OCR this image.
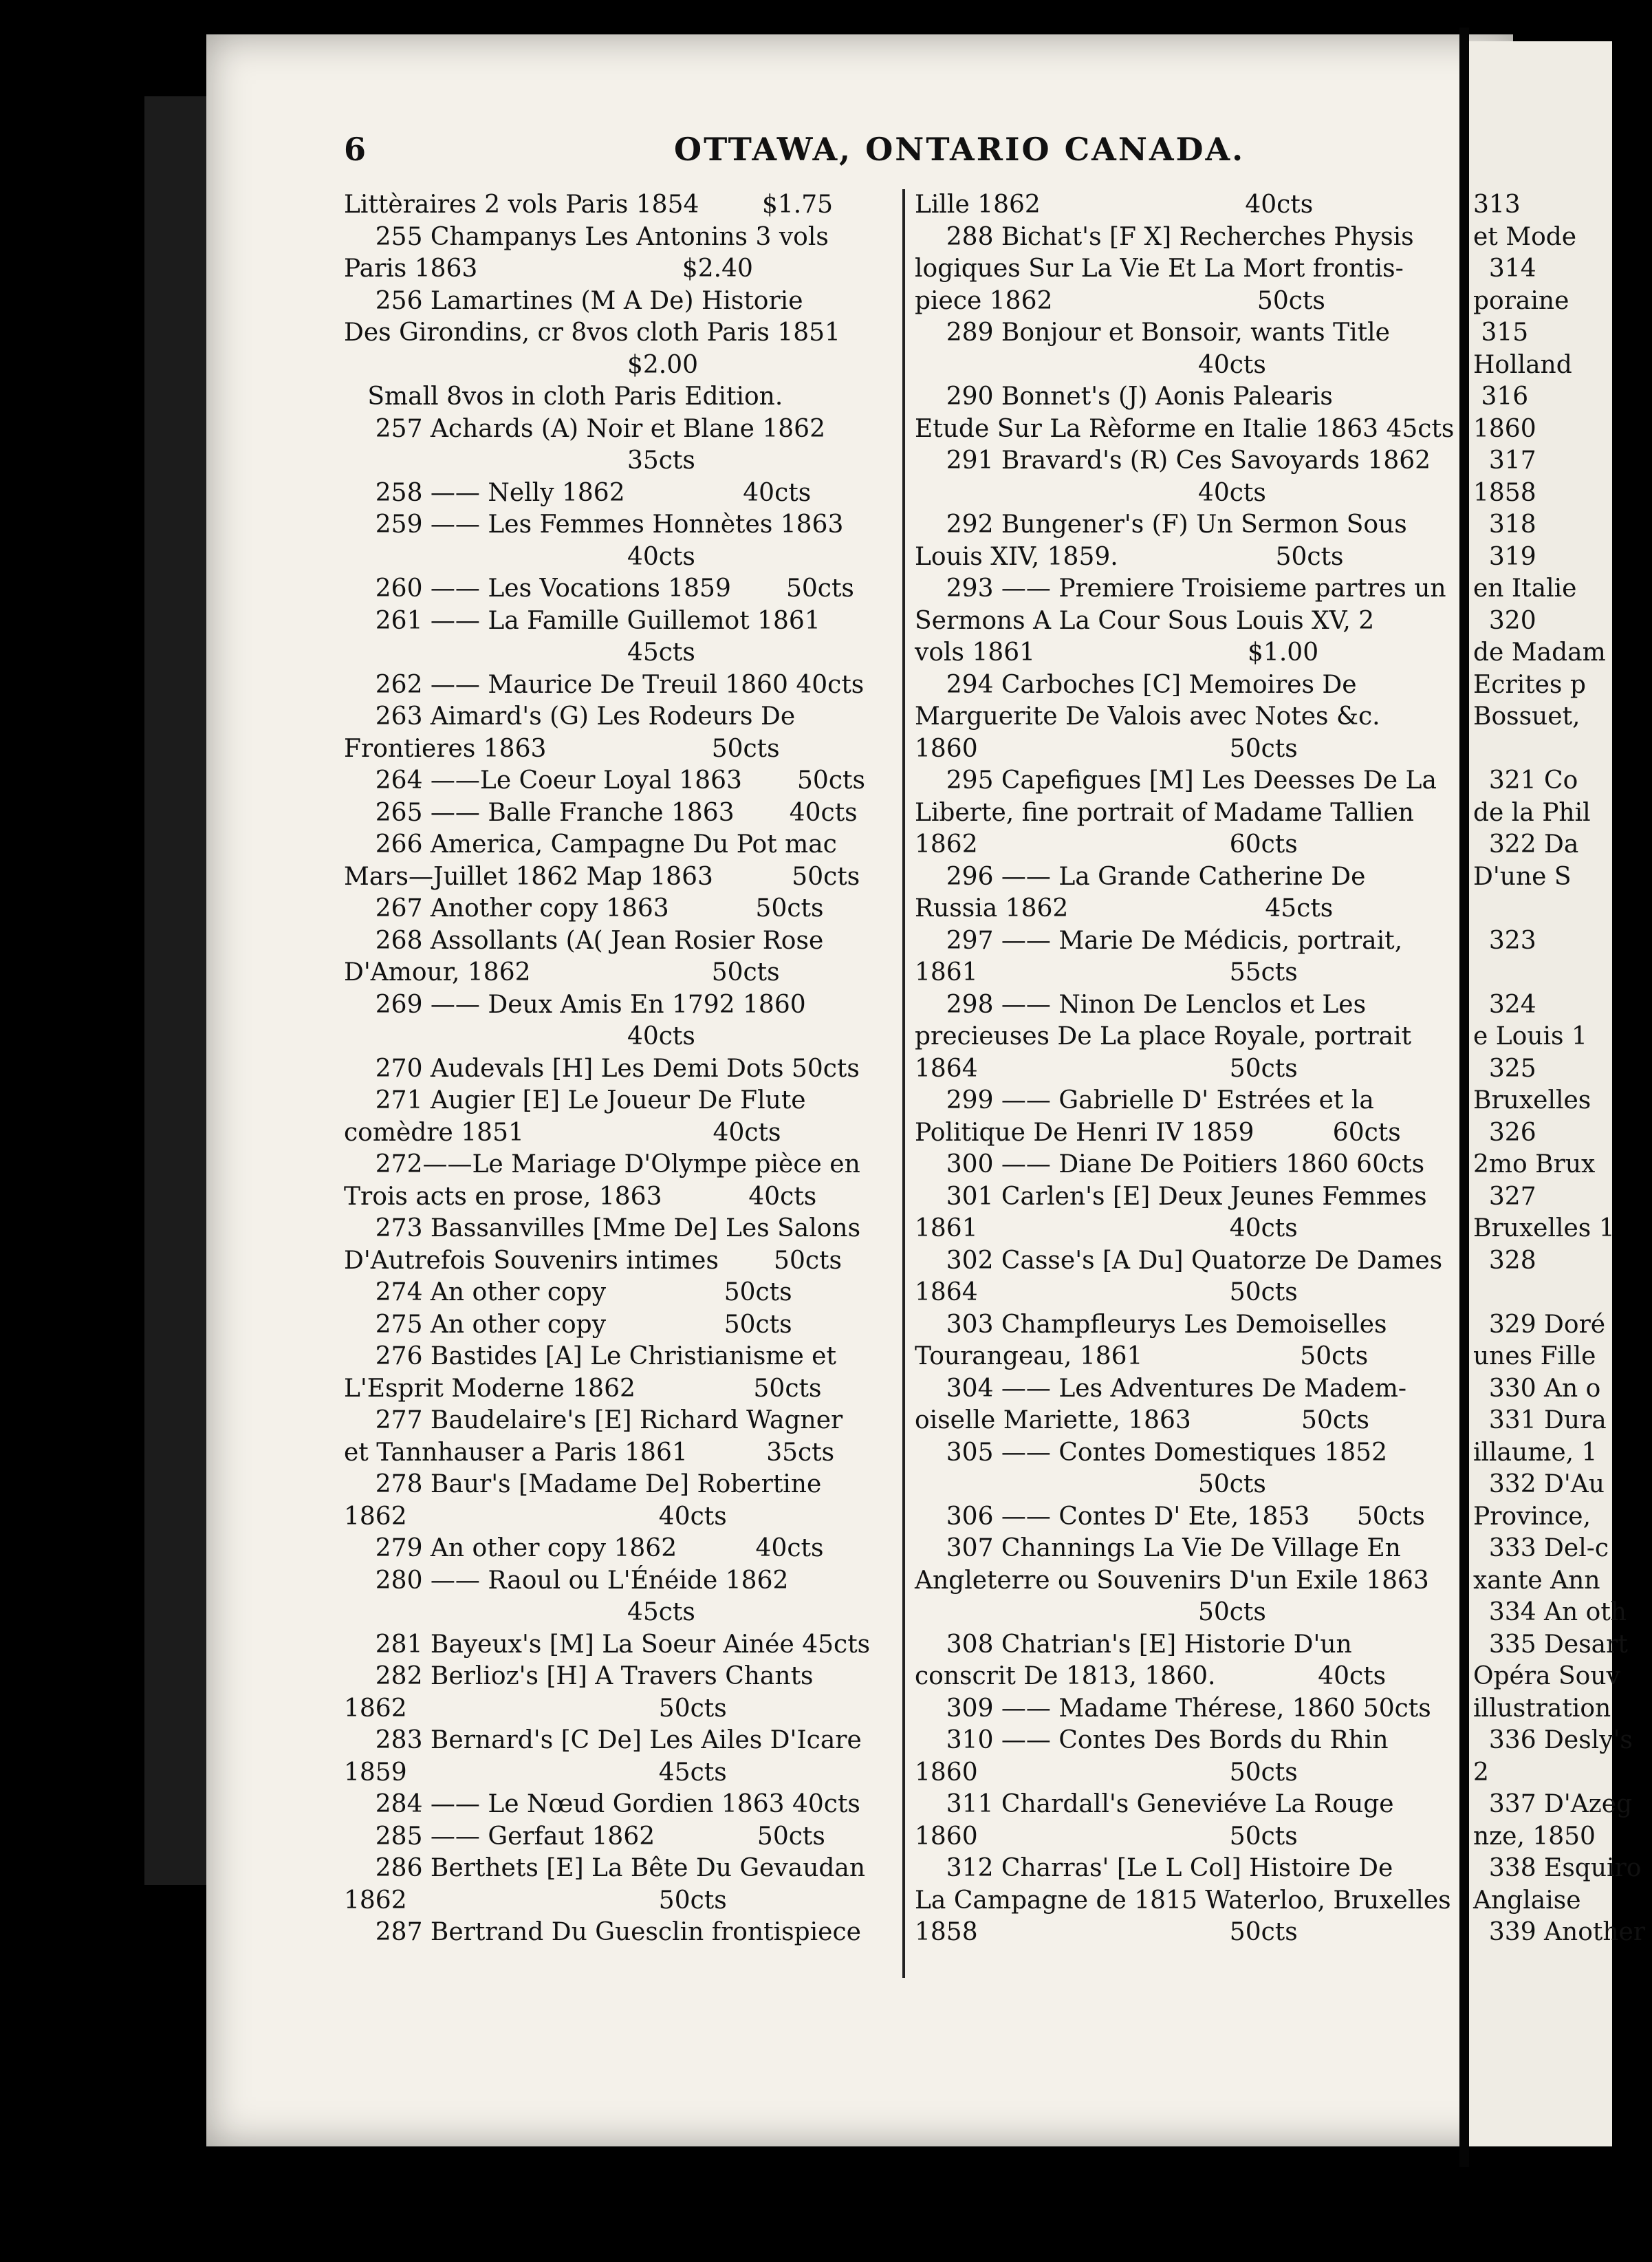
6	OTTAWA, ONTARIO CANADA.
Littèraires 2 vols Paris 1854        $1.75
255 Champanys Les Antonins 3 vols
Paris 1863                          $2.40
256 Lamartines (M A De) Historie
Des Girondins, cr 8vos cloth Paris 1851
$2.00
Small 8vos in cloth Paris Edition.
257 Achards (A) Noir et Blane 1862
35cts
258 —— Nelly 1862               40cts
259 —— Les Femmes Honnètes 1863
40cts
260 —— Les Vocations 1859       50cts
261 —— La Famille Guillemot 1861
45cts
262 —— Maurice De Treuil 1860 40cts
263 Aimard's (G) Les Rodeurs De
Frontieres 1863                     50cts
264 ——Le Coeur Loyal 1863       50cts
265 —— Balle Franche 1863       40cts
266 America, Campagne Du Pot mac
Mars—Juillet 1862 Map 1863          50cts
267 Another copy 1863           50cts
268 Assollants (A( Jean Rosier Rose
D'Amour, 1862                       50cts
269 —— Deux Amis En 1792 1860
40cts
270 Audevals [H] Les Demi Dots 50cts
271 Augier [E] Le Joueur De Flute
comèdre 1851                        40cts
272——Le Mariage D'Olympe pièce en
Trois acts en prose, 1863           40cts
273 Bassanvilles [Mme De] Les Salons
D'Autrefois Souvenirs intimes       50cts
274 An other copy               50cts
275 An other copy               50cts
276 Bastides [A] Le Christianisme et
L'Esprit Moderne 1862               50cts
277 Baudelaire's [E] Richard Wagner
et Tannhauser a Paris 1861          35cts
278 Baur's [Madame De] Robertine
1862                                40cts
279 An other copy 1862          40cts
280 —— Raoul ou L'Énéide 1862
45cts
281 Bayeux's [M] La Soeur Ainée 45cts
282 Berlioz's [H] A Travers Chants
1862                                50cts
283 Bernard's [C De] Les Ailes D'Icare
1859                                45cts
284 —— Le Nœud Gordien 1863 40cts
285 —— Gerfaut 1862             50cts
286 Berthets [E] La Bête Du Gevaudan
1862                                50cts
287 Bertrand Du Guesclin frontispiece
Lille 1862                          40cts
288 Bichat's [F X] Recherches Physis
logiques Sur La Vie Et La Mort frontis-
piece 1862                          50cts
289 Bonjour et Bonsoir, wants Title
40cts
290 Bonnet's (J) Aonis Palearis
Etude Sur La Rèforme en Italie 1863 45cts
291 Bravard's (R) Ces Savoyards 1862
40cts
292 Bungener's (F) Un Sermon Sous
Louis XIV, 1859.                    50cts
293 —— Premiere Troisieme partres un
Sermons A La Cour Sous Louis XV, 2
vols 1861                           $1.00
294 Carboches [C] Memoires De
Marguerite De Valois avec Notes &c.
1860                                50cts
295 Capefigues [M] Les Deesses De La
Liberte, fine portrait of Madame Tallien
1862                                60cts
296 —— La Grande Catherine De
Russia 1862                         45cts
297 —— Marie De Médicis, portrait,
1861                                55cts
298 —— Ninon De Lenclos et Les
precieuses De La place Royale, portrait
1864                                50cts
299 —— Gabrielle D' Estrées et la
Politique De Henri IV 1859          60cts
300 —— Diane De Poitiers 1860 60cts
301 Carlen's [E] Deux Jeunes Femmes
1861                                40cts
302 Casse's [A Du] Quatorze De Dames
1864                                50cts
303 Champfleurys Les Demoiselles
Tourangeau, 1861                    50cts
304 —— Les Adventures De Madem-
oiselle Mariette, 1863              50cts
305 —— Contes Domestiques 1852
50cts
306 —— Contes D' Ete, 1853      50cts
307 Channings La Vie De Village En
Angleterre ou Souvenirs D'un Exile 1863
50cts
308 Chatrian's [E] Historie D'un
conscrit De 1813, 1860.             40cts
309 —— Madame Thérese, 1860 50cts
310 —— Contes Des Bords du Rhin
1860                                50cts
311 Chardall's Geneviéve La Rouge
1860                                50cts
312 Charras' [Le L Col] Histoire De
La Campagne de 1815 Waterloo, Bruxelles
1858                                50cts
313
et Mode
314
poraine
315
Holland
316
1860
317
1858
318
319
en Italie
320
de Madam
Ecrites p
Bossuet,
321 Co
de la Phil
322 Da
D'une S
323
324
e Louis 1
325
Bruxelles
326
2mo Brux
327
Bruxelles 1
328
329 Doré
unes Fille
330 An o
331 Dura
illaume, 1
332 D'Au
Province,
333 Del-c
xante Ann
334 An oth
335 Desart
Opéra Souv
illustration
336 Desly's
2
337 D'Azeg
nze, 1850
338 Esquiro
Anglaise
339 Another
